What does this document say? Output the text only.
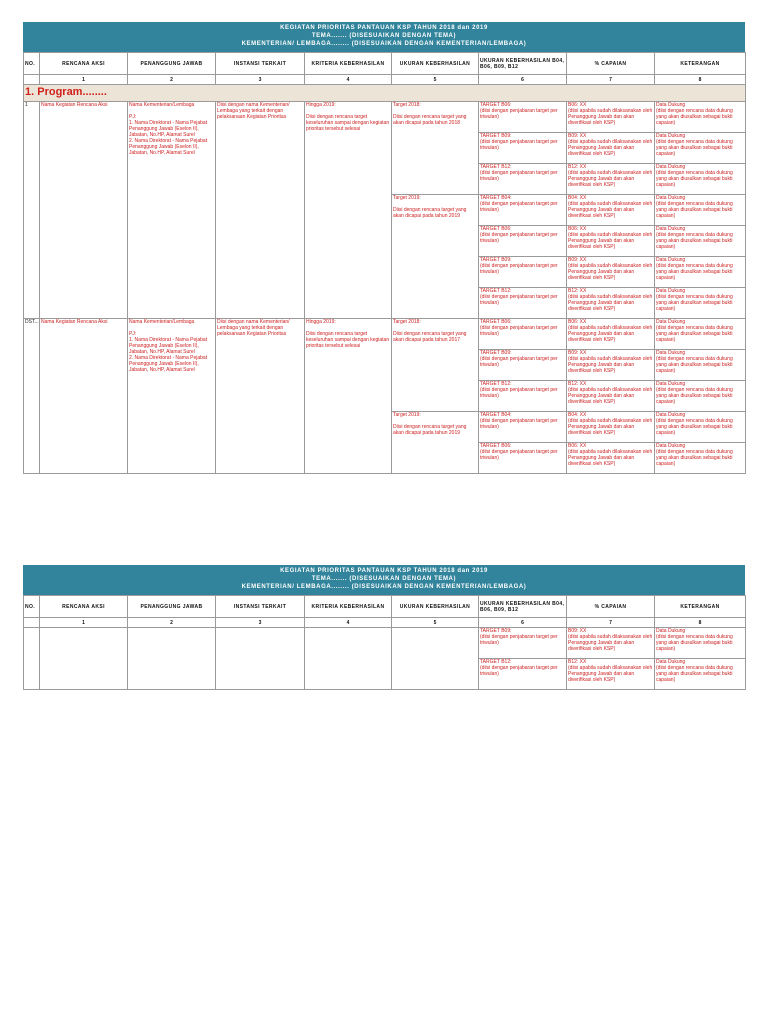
KEGIATAN PRIORITAS PANTAUAN KSP TAHUN 2018 dan 2019
TEMA....... (DISESUAIKAN DENGAN TEMA)
KEMENTERIAN/ LEMBAGA........ (DISESUAIKAN DENGAN KEMENTERIAN/LEMBAGA)
NO.	RENCANA AKSI	PENANGGUNG JAWAB	INSTANSI TERKAIT	KRITERIA KEBERHASILAN	UKURAN KEBERHASILAN	UKURAN KEBERHASILAN B04, B06, B09, B12	% CAPAIAN	KETERANGAN
	1	2	3	4	5	6	7	8
1. Program........								
1	Nama Kegiatan Rencana Aksi	Nama Kementerian/Lembaga

PJ:
1. Nama Direktorat - Nama Pejabat Penanggung Jawab (Eselon II), Jabatan, No.HP, Alamat Surel
2. Nama Direktorat - Nama Pejabat Penanggung Jawab (Eselon II), Jabatan, No.HP, Alamat Surel	Diisi dengan nama Kementerian/ Lembaga yang terkait dengan pelaksanaan Kegiatan Prioritas	Hingga 2019:

Diisi dengan rencana target keseluruhan sampai dengan kegiatan prioritas tersebut selesai	Target 2018:

Diisi dengan rencana target yang akan dicapai pada tahun 2018	TARGET B06:
(diisi dengan penjabaran target per triwulan)	B06: XX
(diisi apabila sudah dilaksanakan oleh Penanggung Jawab dan akan diverifikasi oleh KSP)	Data Dukung
(diisi dengan rencana data dukung yang akan diusulkan sebagai bukti capaian)
						TARGET B09:
(diisi dengan penjabaran target per triwulan)	B09: XX
(diisi apabila sudah dilaksanakan oleh Penanggung Jawab dan akan diverifikasi oleh KSP)	Data Dukung
(diisi dengan rencana data dukung yang akan diusulkan sebagai bukti capaian)
						TARGET B12:
(diisi dengan penjabaran target per triwulan)	B12: XX
(diisi apabila sudah dilaksanakan oleh Penanggung Jawab dan akan diverifikasi oleh KSP)	Data Dukung
(diisi dengan rencana data dukung yang akan diusulkan sebagai bukti capaian)
					Target 2019:

Diisi dengan rencana target yang akan dicapai pada tahun 2019	TARGET B04:
(diisi dengan penjabaran target per triwulan)	B04: XX
(diisi apabila sudah dilaksanakan oleh Penanggung Jawab dan akan diverifikasi oleh KSP)	Data Dukung
(diisi dengan rencana data dukung yang akan diusulkan sebagai bukti capaian)
						TARGET B06:
(diisi dengan penjabaran target per triwulan)	B06: XX
(diisi apabila sudah dilaksanakan oleh Penanggung Jawab dan akan diverifikasi oleh KSP)	Data Dukung
(diisi dengan rencana data dukung yang akan diusulkan sebagai bukti capaian)
						TARGET B09:
(diisi dengan penjabaran target per triwulan)	B09: XX
(diisi apabila sudah dilaksanakan oleh Penanggung Jawab dan akan diverifikasi oleh KSP)	Data Dukung
(diisi dengan rencana data dukung yang akan diusulkan sebagai bukti capaian)
						TARGET B12:
(diisi dengan penjabaran target per triwulan)	B12: XX
(diisi apabila sudah dilaksanakan oleh Penanggung Jawab dan akan diverifikasi oleh KSP)	Data Dukung
(diisi dengan rencana data dukung yang akan diusulkan sebagai bukti capaian)
DST...	Nama Kegiatan Rencana Aksi	Nama Kementerian/Lembaga

PJ:
1. Nama Direktorat - Nama Pejabat Penanggung Jawab (Eselon II), Jabatan, No.HP, Alamat Surel
2. Nama Direktorat - Nama Pejabat Penanggung Jawab (Eselon II), Jabatan, No.HP, Alamat Surel	Diisi dengan nama Kementerian/ Lembaga yang terkait dengan pelaksanaan Kegiatan Prioritas	Hingga 2019:

Diisi dengan rencana target keseluruhan sampai dengan kegiatan prioritas tersebut selesai	Target 2018:

Diisi dengan rencana target yang akan dicapai pada tahun 2017	TARGET B06:
(diisi dengan penjabaran target per triwulan)	B06: XX
(diisi apabila sudah dilaksanakan oleh Penanggung Jawab dan akan diverifikasi oleh KSP)	Data Dukung
(diisi dengan rencana data dukung yang akan diusulkan sebagai bukti capaian)
						TARGET B09:
(diisi dengan penjabaran target per triwulan)	B09: XX
(diisi apabila sudah dilaksanakan oleh Penanggung Jawab dan akan diverifikasi oleh KSP)	Data Dukung
(diisi dengan rencana data dukung yang akan diusulkan sebagai bukti capaian)
						TARGET B12:
(diisi dengan penjabaran target per triwulan)	B12: XX
(diisi apabila sudah dilaksanakan oleh Penanggung Jawab dan akan diverifikasi oleh KSP)	Data Dukung
(diisi dengan rencana data dukung yang akan diusulkan sebagai bukti capaian)
					Target 2019:

Diisi dengan rencana target yang akan dicapai pada tahun 2019	TARGET B04:
(diisi dengan penjabaran target per triwulan)	B04: XX
(diisi apabila sudah dilaksanakan oleh Penanggung Jawab dan akan diverifikasi oleh KSP)	Data Dukung
(diisi dengan rencana data dukung yang akan diusulkan sebagai bukti capaian)
						TARGET B06:
(diisi dengan penjabaran target per triwulan)	B06: XX
(diisi apabila sudah dilaksanakan oleh Penanggung Jawab dan akan diverifikasi oleh KSP)	Data Dukung
(diisi dengan rencana data dukung yang akan diusulkan sebagai bukti capaian)
KEGIATAN PRIORITAS PANTAUAN KSP TAHUN 2018 dan 2019
TEMA....... (DISESUAIKAN DENGAN TEMA)
KEMENTERIAN/ LEMBAGA........ (DISESUAIKAN DENGAN KEMENTERIAN/LEMBAGA)
NO.	RENCANA AKSI	PENANGGUNG JAWAB	INSTANSI TERKAIT	KRITERIA KEBERHASILAN	UKURAN KEBERHASILAN	UKURAN KEBERHASILAN B04, B06, B09, B12	% CAPAIAN	KETERANGAN
	1	2	3	4	5	6	7	8
						TARGET B09:
(diisi dengan penjabaran target per triwulan)	B09: XX
(diisi apabila sudah dilaksanakan oleh Penanggung Jawab dan akan diverifikasi oleh KSP)	Data Dukung
(diisi dengan rencana data dukung yang akan diusulkan sebagai bukti capaian)
						TARGET B12:
(diisi dengan penjabaran target per triwulan)	B12: XX
(diisi apabila sudah dilaksanakan oleh Penanggung Jawab dan akan diverifikasi oleh KSP)	Data Dukung
(diisi dengan rencana data dukung yang akan diusulkan sebagai bukti capaian)
